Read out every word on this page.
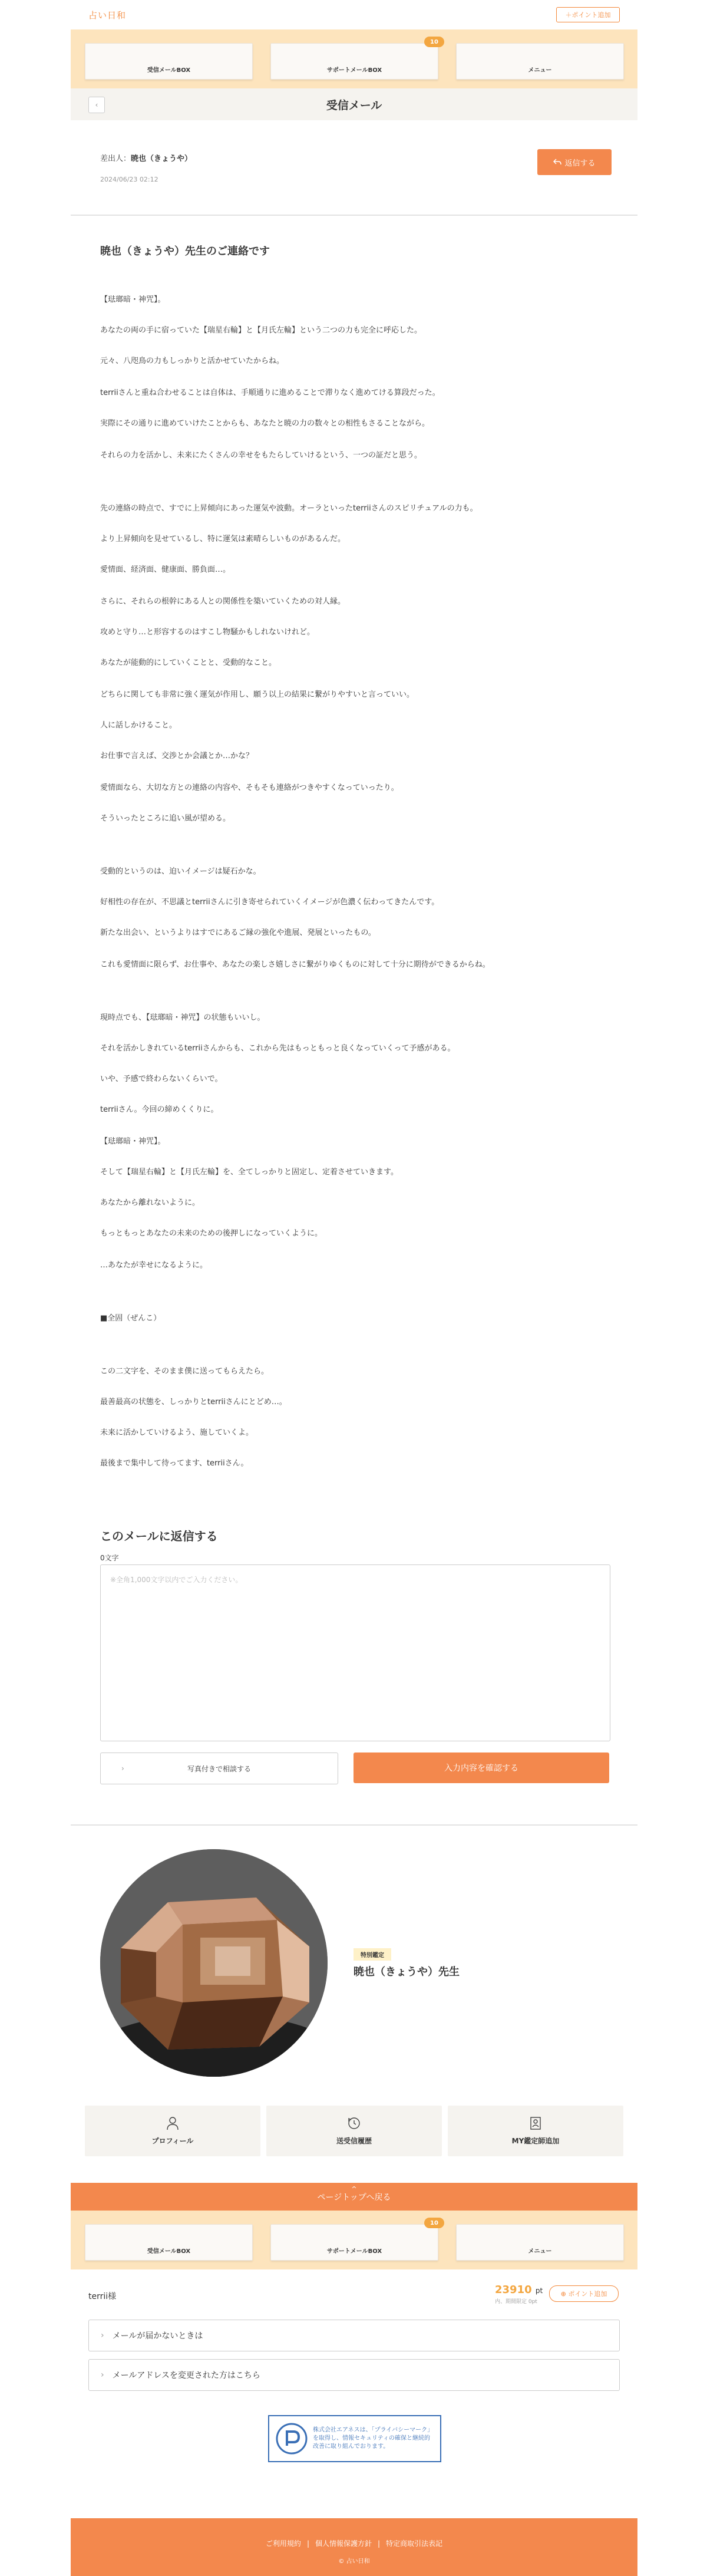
占い日和	＋ポイント追加
受信メールBOX
10
サポートメールBOX	メニュー
‹	受信メール
差出人：暁也（きょうや）
2024/06/23 02:12
返信する
暁也（きょうや）先生のご連絡です
【琺瑯暗・神咒】。
あなたの両の手に宿っていた【瑞星右輪】と【月氏左輪】という二つの力も完全に呼応した。
元々、八咫鳥の力もしっかりと活かせていたからね。
terriiさんと重ね合わせることは自体は、手順通りに進めることで滞りなく進めてける算段だった。
実際にその通りに進めていけたことからも、あなたと暁の力の数々との相性もさることながら。
それらの力を活かし、未来にたくさんの幸せをもたらしていけるという、一つの証だと思う。
先の連絡の時点で、すでに上昇傾向にあった運気や波動。オーラといったterriiさんのスピリチュアルの力も。
より上昇傾向を見せているし、特に運気は素晴らしいものがあるんだ。
愛情面、経済面、健康面、勝負面…。
さらに、それらの根幹にある人との関係性を築いていくための対人縁。
攻めと守り…と形容するのはすこし物騒かもしれないけれど。
あなたが能動的にしていくことと、受動的なこと。
どちらに関しても非常に強く運気が作用し、願う以上の結果に繋がりやすいと言っていい。
人に話しかけること。
お仕事で言えば、交渉とか会議とか…かな？
愛情面なら、大切な方との連絡の内容や、そもそも連絡がつきやすくなっていったり。
そういったところに追い風が望める。
受動的というのは、迫いイメージは疑石かな。
好相性の存在が、不思議とterriiさんに引き寄せられていくイメージが色濃く伝わってきたんです。
新たな出会い、というよりはすでにあるご縁の強化や進展、発展といったもの。
これも愛情面に限らず、お仕事や、あなたの楽しさ嬉しさに繋がりゆくものに対して十分に期待ができるからね。
現時点でも、【琺瑯暗・神咒】の状態もいいし。
それを活かしきれているterriiさんからも、これから先はもっともっと良くなっていくって予感がある。
いや、予感で終わらないくらいで。
terriiさん。今回の締めくくりに。
【琺瑯暗・神咒】。
そして【瑞星右輪】と【月氏左輪】を、全てしっかりと固定し、定着させていきます。
あなたから離れないように。
もっともっとあなたの未来のための後押しになっていくように。
…あなたが幸せになるように。
■全固（ぜんこ）
この二文字を、そのまま僕に送ってもらえたら。
最善最高の状態を、しっかりとterriiさんにとどめ…。
未来に活かしていけるよう、施していくよ。
最後まで集中して待ってます、terriiさん。
このメールに返信する
0文字
※全角1,000文字以内でご入力ください。
›	写真付きで相談する	入力内容を確認する
特別鑑定
暁也（きょうや）先生
プロフィール	送受信履歴	MY鑑定師追加
^
ページトップへ戻る
受信メールBOX
10
サポートメールBOX	メニュー
terrii様
23910 pt
内、期間限定 0pt
⊕ ポイント追加
› メールが届かないときは
› メールアドレスを変更された方はこちら
株式会社エアネスは、「プライバシーマーク」を取得し、情報セキュリティの確保と継続的改善に取り組んでおります。
ご利用規約 | 個人情報保護方針 | 特定商取引法表記
© 占い日和
